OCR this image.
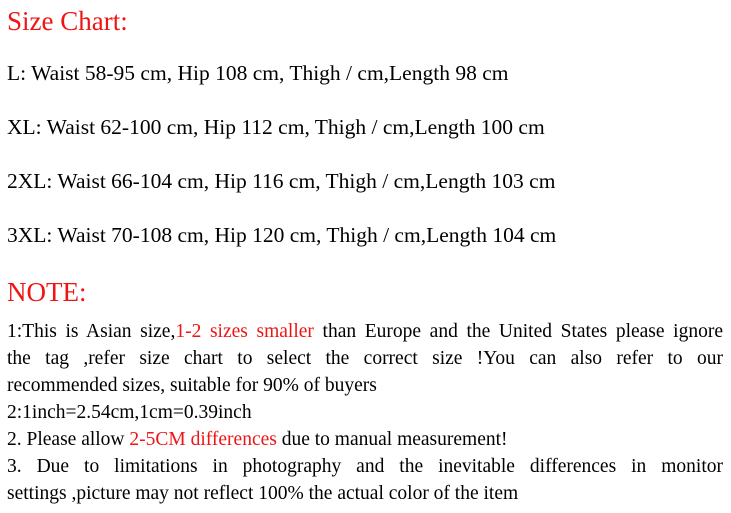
Size Chart:
L: Waist 58-95 cm, Hip 108 cm, Thigh / cm,Length 98 cm
XL: Waist 62-100 cm, Hip 112 cm, Thigh / cm,Length 100 cm
2XL: Waist 66-104 cm, Hip 116 cm, Thigh / cm,Length 103 cm
3XL: Waist 70-108 cm, Hip 120 cm, Thigh / cm,Length 104 cm
NOTE:
1:This is Asian size,1-2 sizes smaller than Europe and the United States please ignore
the tag ,refer size chart to select the correct size !You can also refer to our
recommended sizes, suitable for 90% of buyers
2:1inch=2.54cm,1cm=0.39inch
2. Please allow 2-5CM differences due to manual measurement!
3. Due to limitations in photography and the inevitable differences in monitor
settings ,picture may not reflect 100% the actual color of the item
